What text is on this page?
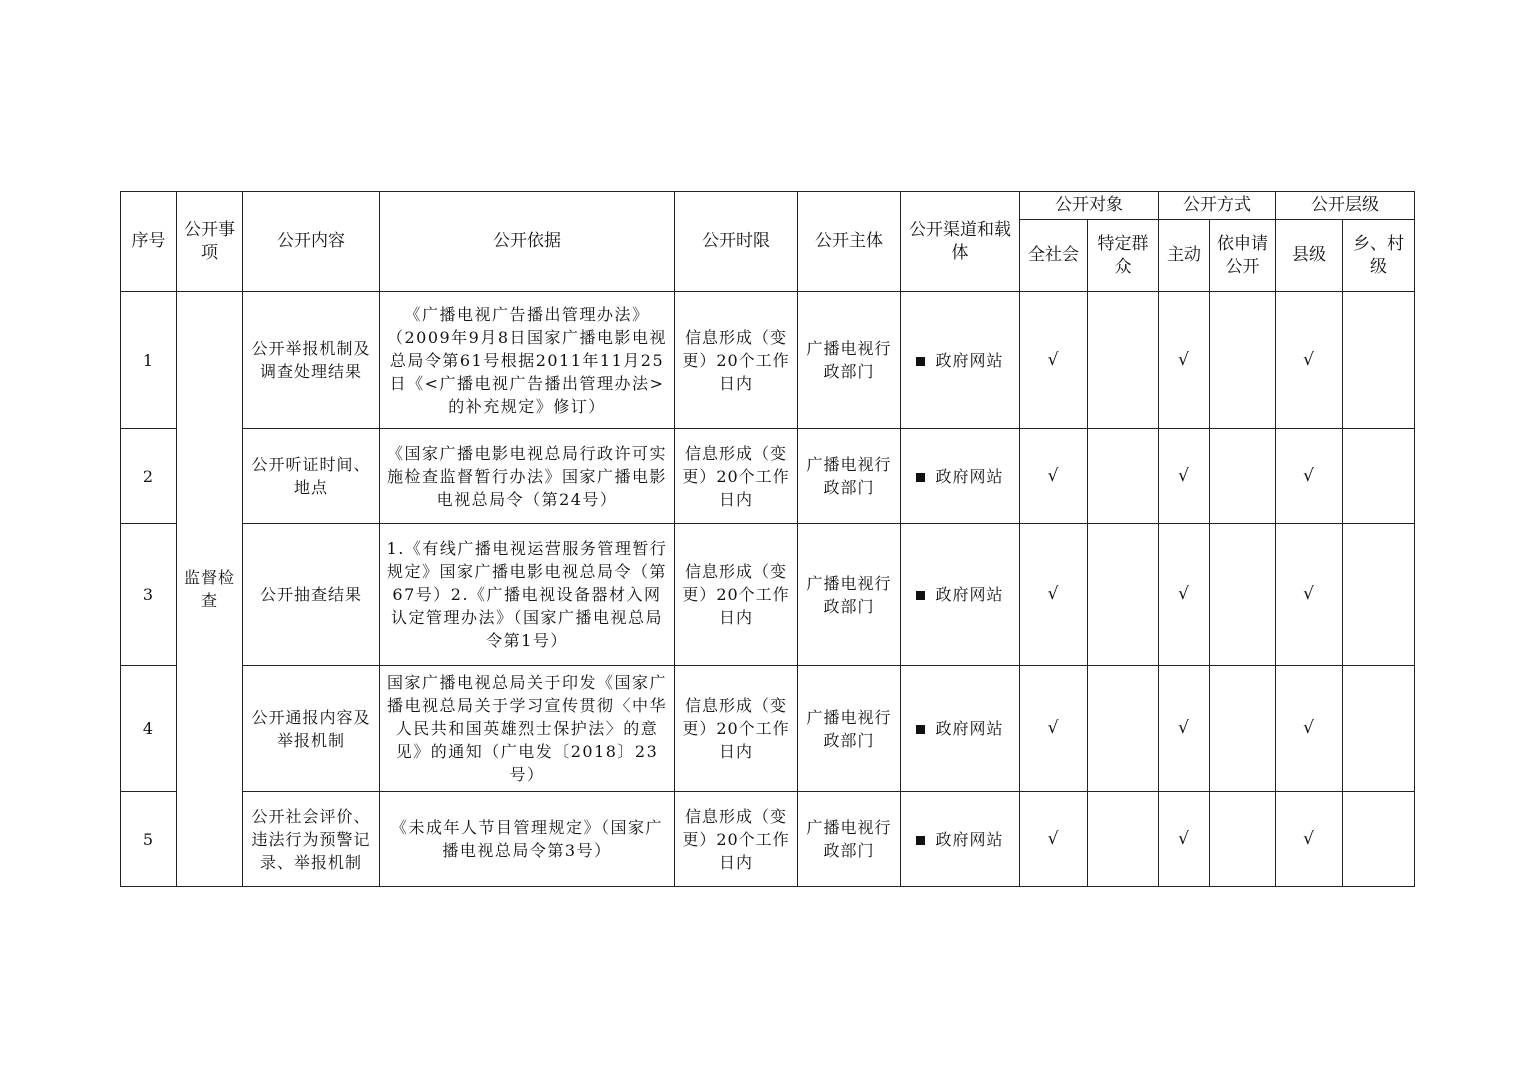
序号	公开事项	公开内容	公开依据	公开时限	公开主体	公开渠道和载体	公开对象		公开方式		公开层级	
							全社会	特定群众	主动	依申请公开	县级	乡、村级
1	监督检查	公开举报机制及调查处理结果	《广播电视广告播出管理办法》（2009年9月8日国家广播电影电视总局令第61号根据2011年11月25日《<广播电视广告播出管理办法>的补充规定》修订）	信息形成（变更）20个工作日内	广播电视行政部门	政府网站	√		√		√	
2		公开听证时间、地点	《国家广播电影电视总局行政许可实施检查监督暂行办法》国家广播电影电视总局令（第24号）	信息形成（变更）20个工作日内	广播电视行政部门	政府网站	√		√		√	
3		公开抽查结果	1.《有线广播电视运营服务管理暂行规定》国家广播电影电视总局令（第67号）2.《广播电视设备器材入网认定管理办法》（国家广播电视总局令第1号）	信息形成（变更）20个工作日内	广播电视行政部门	政府网站	√		√		√	
4		公开通报内容及举报机制	国家广播电视总局关于印发《国家广播电视总局关于学习宣传贯彻〈中华人民共和国英雄烈士保护法〉的意见》的通知（广电发〔2018〕23号）	信息形成（变更）20个工作日内	广播电视行政部门	政府网站	√		√		√	
5		公开社会评价、违法行为预警记录、举报机制	《未成年人节目管理规定》（国家广播电视总局令第3号）	信息形成（变更）20个工作日内	广播电视行政部门	政府网站	√		√		√	
